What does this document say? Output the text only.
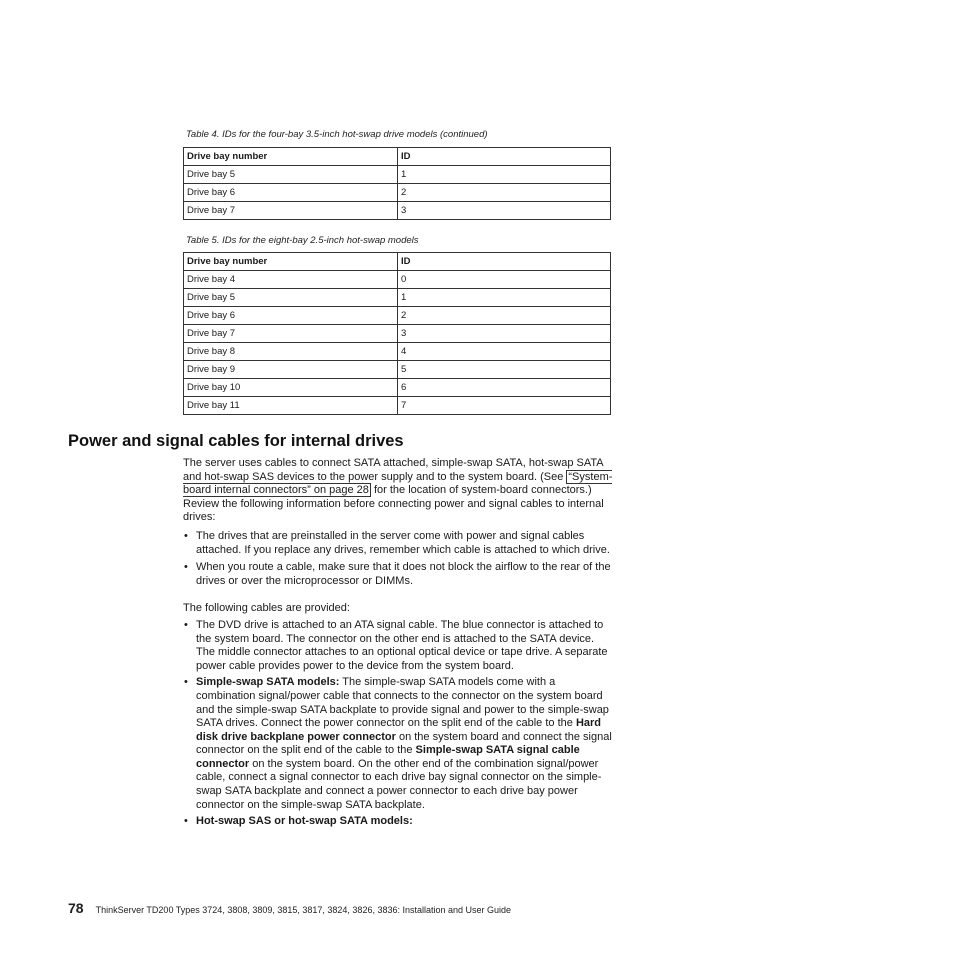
Table 4. IDs for the four-bay 3.5-inch hot-swap drive models (continued)
Drive bay number	ID
Drive bay 5	1
Drive bay 6	2
Drive bay 7	3
Table 5. IDs for the eight-bay 2.5-inch hot-swap models
Drive bay number	ID
Drive bay 4	0
Drive bay 5	1
Drive bay 6	2
Drive bay 7	3
Drive bay 8	4
Drive bay 9	5
Drive bay 10	6
Drive bay 11	7
Power and signal cables for internal drives

The server uses cables to connect SATA attached, simple-swap SATA, hot-swap SATA and hot-swap SAS devices to the power supply and to the system board. (See “System-board internal connectors” on page 28 for the location of system-board connectors.) Review the following information before connecting power and signal cables to internal drives:

• The drives that are preinstalled in the server come with power and signal cables attached. If you replace any drives, remember which cable is attached to which drive.
• When you route a cable, make sure that it does not block the airflow to the rear of the drives or over the microprocessor or DIMMs.

The following cables are provided:

• The DVD drive is attached to an ATA signal cable. The blue connector is attached to the system board. The connector on the other end is attached to the SATA device. The middle connector attaches to an optional optical device or tape drive. A separate power cable provides power to the device from the system board.
• Simple-swap SATA models: The simple-swap SATA models come with a combination signal/power cable that connects to the connector on the system board and the simple-swap SATA backplate to provide signal and power to the simple-swap SATA drives. Connect the power connector on the split end of the cable to the Hard disk drive backplane power connector on the system board and connect the signal connector on the split end of the cable to the Simple-swap SATA signal cable connector on the system board. On the other end of the combination signal/power cable, connect a signal connector to each drive bay signal connector on the simple-swap SATA backplate and connect a power connector to each drive bay power connector on the simple-swap SATA backplate.
• Hot-swap SAS or hot-swap SATA models:
78 ThinkServer TD200 Types 3724, 3808, 3809, 3815, 3817, 3824, 3826, 3836: Installation and User Guide
